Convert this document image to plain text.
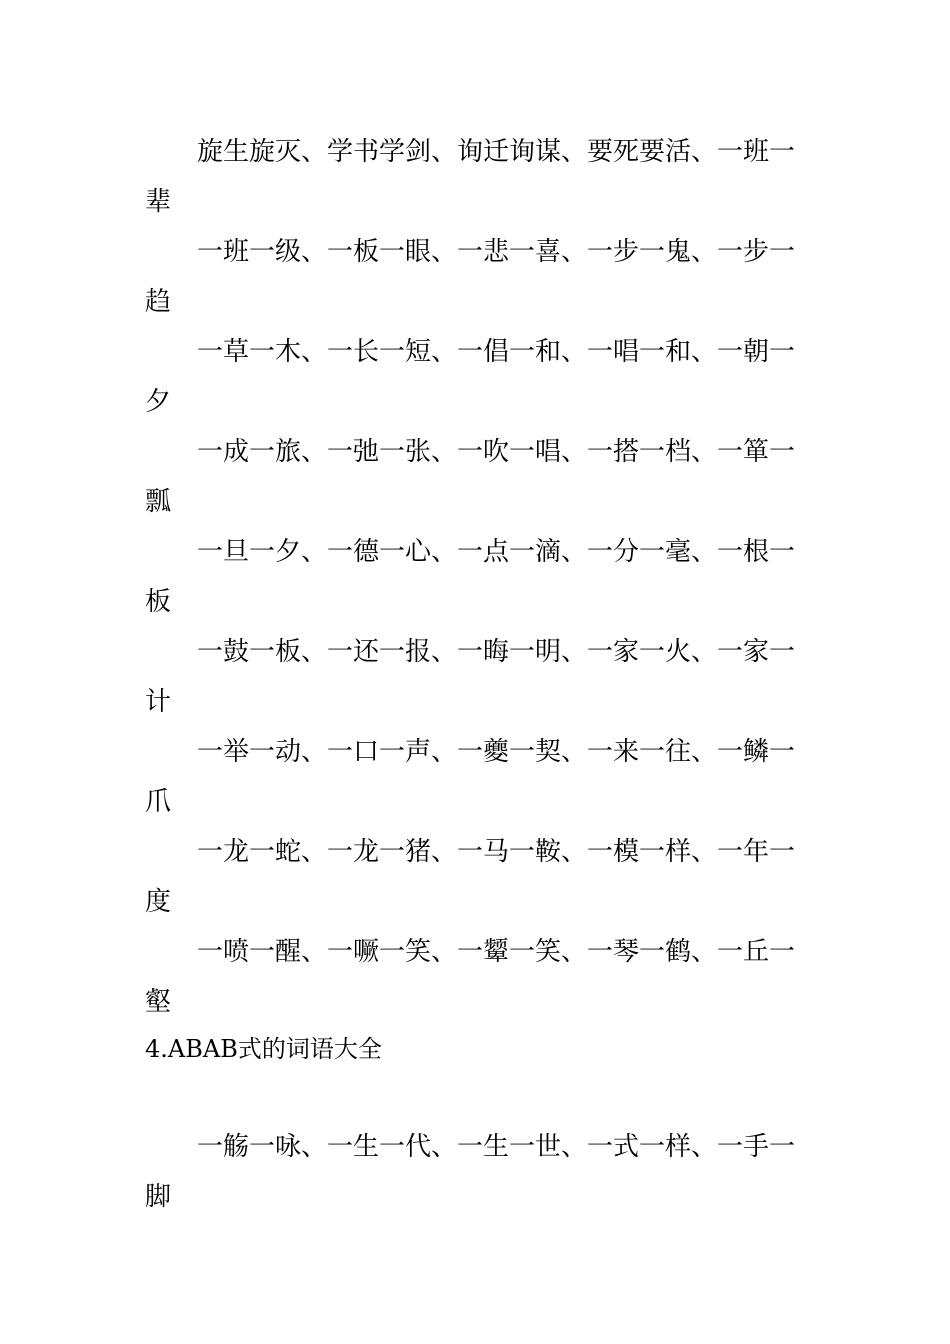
旋生旋灭、学书学剑、询迁询谋、要死要活、一班一
辈
一班一级、一板一眼、一悲一喜、一步一鬼、一步一
趋
一草一木、一长一短、一倡一和、一唱一和、一朝一
夕
一成一旅、一弛一张、一吹一唱、一搭一档、一箪一
瓢
一旦一夕、一德一心、一点一滴、一分一毫、一根一
板
一鼓一板、一还一报、一晦一明、一家一火、一家一
计
一举一动、一口一声、一夔一契、一来一往、一鳞一
爪
一龙一蛇、一龙一猪、一马一鞍、一模一样、一年一
度
一喷一醒、一噘一笑、一颦一笑、一琴一鹤、一丘一
壑
4.ABAB式的词语大全
一觞一咏、一生一代、一生一世、一式一样、一手一
脚
